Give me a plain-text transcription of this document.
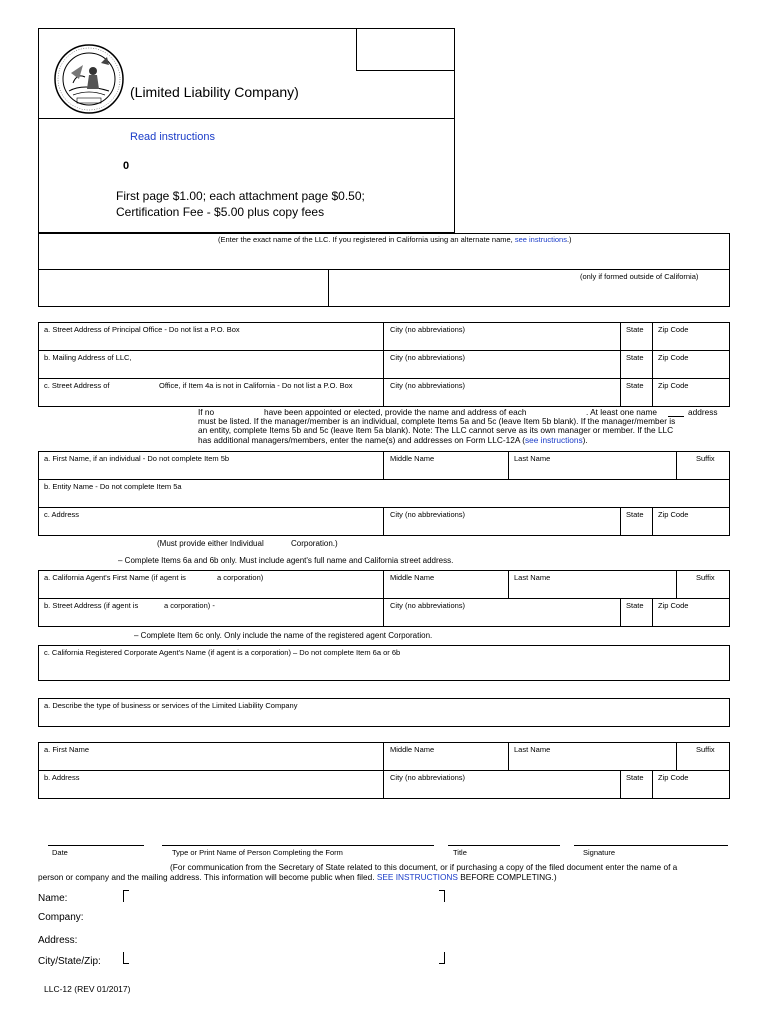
(Limited Liability Company)
Read instructions
0
First page $1.00; each attachment page $0.50;
Certification Fee - $5.00 plus copy fees
(Enter the exact name of the LLC. If you registered in California using an alternate name, see instructions.)
(only if formed outside of California)
a. Street Address of Principal Office - Do not list a P.O. Box	City (no abbreviations)	State Zip Code
b. Mailing Address of LLC,	City (no abbreviations)	State Zip Code
c. Street Address of	Office, if Item 4a is not in California - Do not list a P.O. Box	City (no abbreviations)	State Zip Code
If no	have been appointed or elected, provide the name and address of each	. At least one name	address
must be listed. If the manager/member is an individual, complete Items 5a and 5c (leave Item 5b blank). If the manager/member is
an entity, complete Items 5b and 5c (leave Item 5a blank). Note: The LLC cannot serve as its own manager or member. If the LLC
has additional managers/members, enter the name(s) and addresses on Form LLC-12A (see instructions).
a. First Name, if an individual - Do not complete Item 5b	Middle Name	Last Name	Suffix
b. Entity Name - Do not complete Item 5a
c. Address	City (no abbreviations)	State Zip Code
(Must provide either Individual	Corporation.)
– Complete Items 6a and 6b only. Must include agent's full name and California street address.
a. California Agent's First Name (if agent is	a corporation)	Middle Name	Last Name	Suffix
b. Street Address (if agent is	a corporation) -	City (no abbreviations)	State Zip Code
– Complete Item 6c only. Only include the name of the registered agent Corporation.
c. California Registered Corporate Agent's Name (if agent is a corporation) – Do not complete Item 6a or 6b
a. Describe the type of business or services of the Limited Liability Company
a. First Name	Middle Name	Last Name	Suffix
b. Address	City (no abbreviations)	State Zip Code
Date	Type or Print Name of Person Completing the Form	Title	Signature
(For communication from the Secretary of State related to this document, or if purchasing a copy of the filed document enter the name of a
person or company and the mailing address. This information will become public when filed. SEE INSTRUCTIONS BEFORE COMPLETING.)
Name:
Company:
Address:
City/State/Zip:
LLC-12 (REV 01/2017)
